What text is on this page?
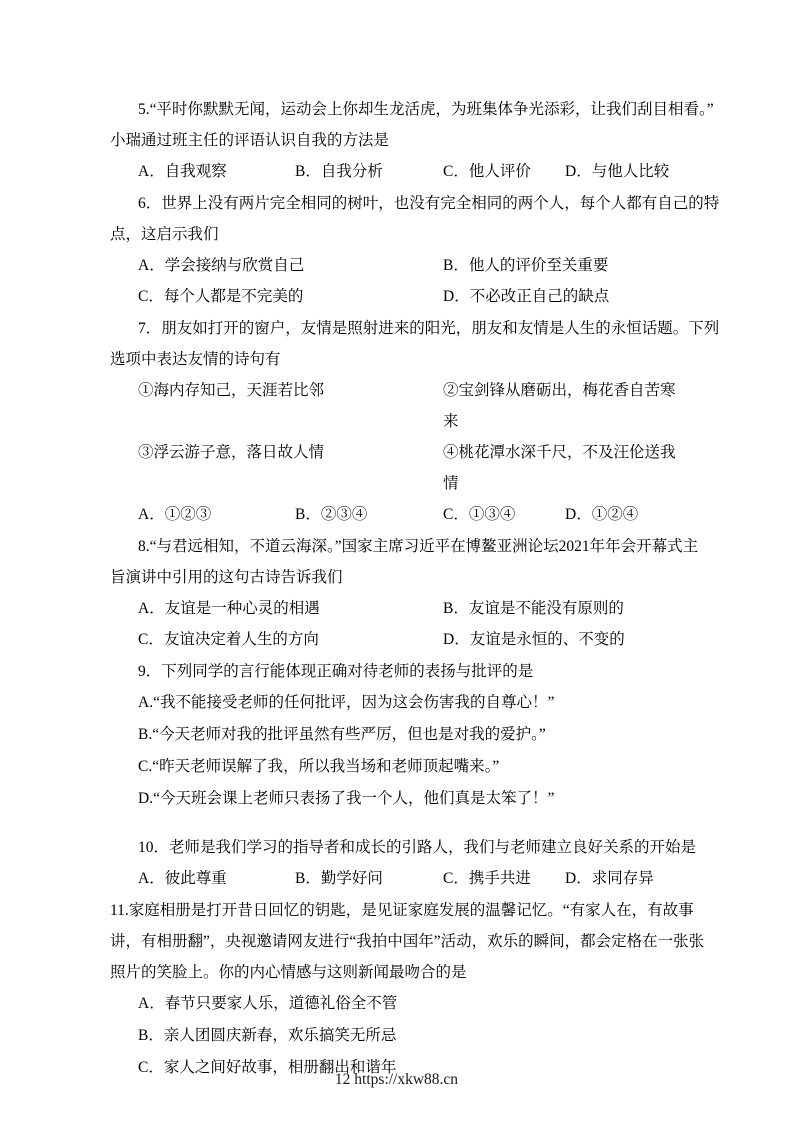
5.“平时你默默无闻，运动会上你却生龙活虎，为班集体争光添彩，让我们刮目相看。”

小瑞通过班主任的评语认识自我的方法是

A．自我观察	B．自我分析	C．他人评价	D．与他人比较

6．世界上没有两片完全相同的树叶，也没有完全相同的两个人，每个人都有自己的特

点，这启示我们

A．学会接纳与欣赏自己	B．他人的评价至关重要
C．每个人都是不完美的	D．不必改正自己的缺点

7．朋友如打开的窗户，友情是照射进来的阳光，朋友和友情是人生的永恒话题。下列

选项中表达友情的诗句有

①海内存知己，天涯若比邻	②宝剑锋从磨砺出，梅花香自苦寒来
③浮云游子意，落日故人情	④桃花潭水深千尺，不及汪伦送我情
A．①②③	B．②③④	C．①③④	D．①②④

8.“与君远相知，不道云海深。”国家主席习近平在博鳌亚洲论坛2021年年会开幕式主

旨演讲中引用的这句古诗告诉我们

A．友谊是一种心灵的相遇	B．友谊是不能没有原则的
C．友谊决定着人生的方向	D．友谊是永恒的、不变的

9．下列同学的言行能体现正确对待老师的表扬与批评的是

A.“我不能接受老师的任何批评，因为这会伤害我的自尊心！”

B.“今天老师对我的批评虽然有些严厉，但也是对我的爱护。”

C.“昨天老师误解了我，所以我当场和老师顶起嘴来。”

D.“今天班会课上老师只表扬了我一个人，他们真是太笨了！”

10．老师是我们学习的指导者和成长的引路人，我们与老师建立良好关系的开始是

A．彼此尊重	B．勤学好问	C．携手共进	D．求同存异

11.家庭相册是打开昔日回忆的钥匙，是见证家庭发展的温馨记忆。“有家人在，有故事

讲，有相册翻”，央视邀请网友进行“我拍中国年”活动，欢乐的瞬间，都会定格在一张张

照片的笑脸上。你的内心情感与这则新闻最吻合的是

A．春节只要家人乐，道德礼俗全不管

B．亲人团圆庆新春，欢乐搞笑无所忌

C．家人之间好故事，相册翻出和谐年

12 https://xkw88.cn
